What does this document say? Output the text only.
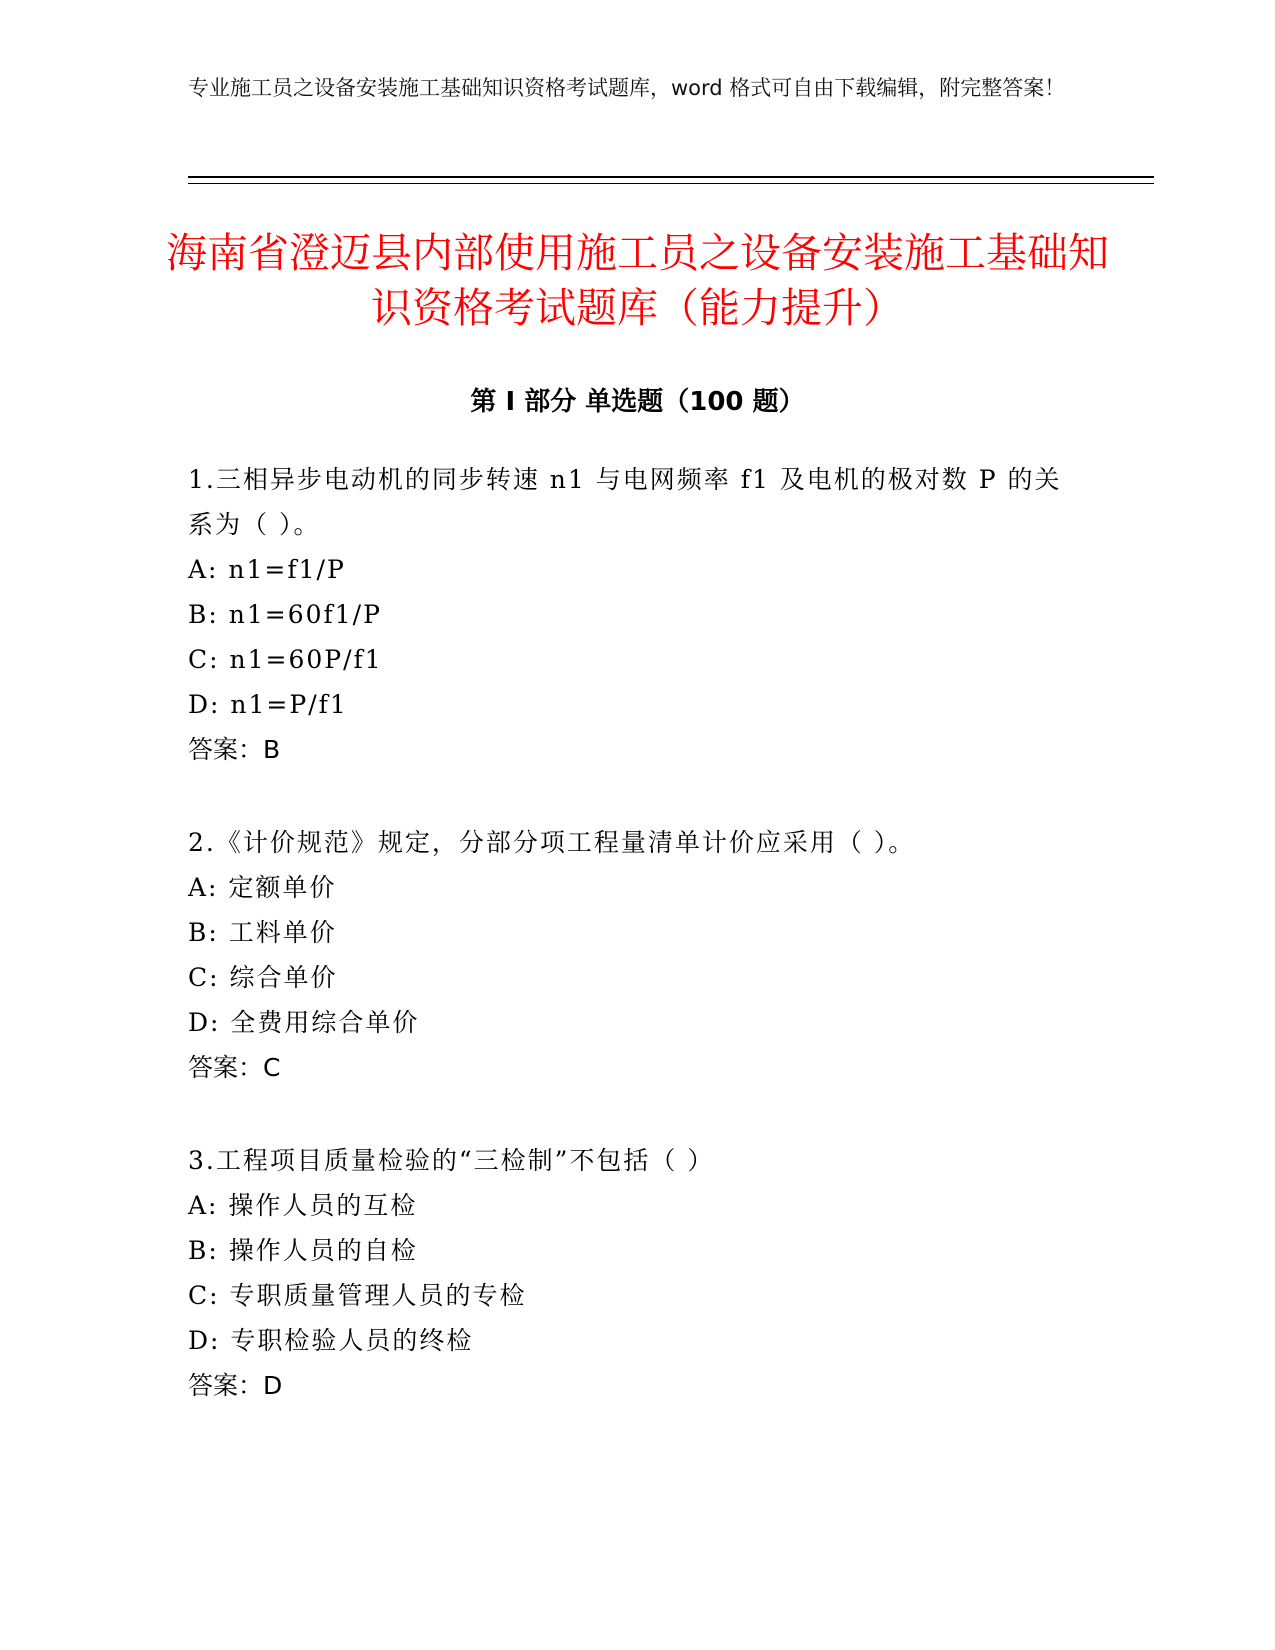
专业施工员之设备安装施工基础知识资格考试题库，word 格式可自由下载编辑，附完整答案！

海南省澄迈县内部使用施工员之设备安装施工基础知识资格考试题库（能力提升）
第 I 部分 单选题（100 题）

1.三相异步电动机的同步转速 n1 与电网频率 f1 及电机的极对数 P 的关系为（ ）。

A: n1=f1/P

B: n1=60f1/P

C: n1=60P/f1

D: n1=P/f1

答案：B

2.《计价规范》规定，分部分项工程量清单计价应采用（ ）。

A: 定额单价

B: 工料单价

C: 综合单价

D: 全费用综合单价

答案：C

3.工程项目质量检验的“三检制”不包括（ ）

A: 操作人员的互检

B: 操作人员的自检

C: 专职质量管理人员的专检

D: 专职检验人员的终检

答案：D
